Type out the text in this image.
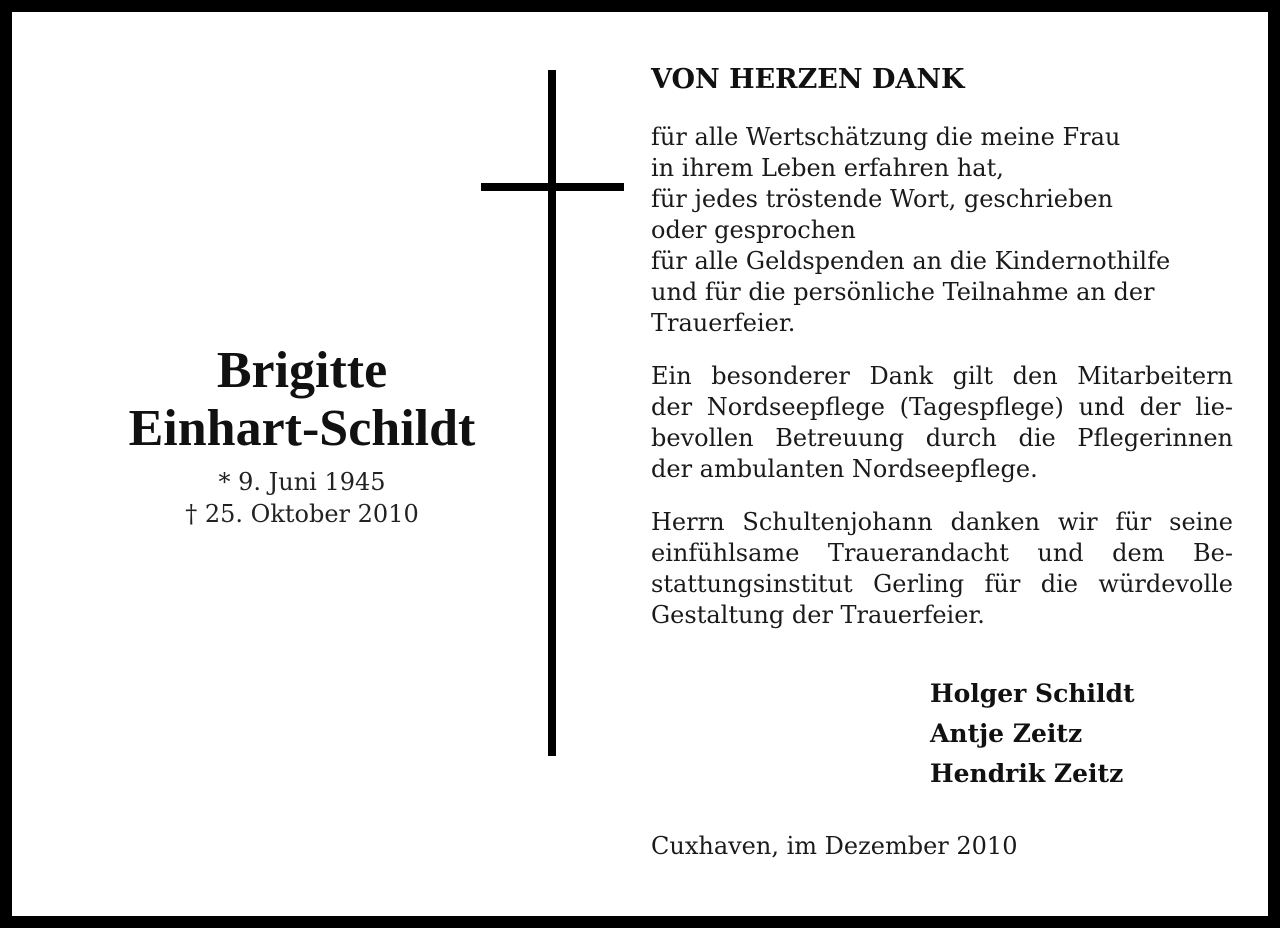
Brigitte
Einhart-Schildt
* 9. Juni 1945
† 25. Oktober 2010
VON HERZEN DANK
für alle Wertschätzung die meine Frau
in ihrem Leben erfahren hat,
für jedes tröstende Wort, geschrieben
oder gesprochen
für alle Geldspenden an die Kindernothilfe
und für die persönliche Teilnahme an der
Trauerfeier.
Ein besonderer Dank gilt den Mitarbeitern
der Nordseepflege (Tagespflege) und der lie-
bevollen Betreuung durch die Pflegerinnen
der ambulanten Nordseepflege.
Herrn Schultenjohann danken wir für seine
einfühlsame Trauerandacht und dem Be-
stattungsinstitut Gerling für die würdevolle
Gestaltung der Trauerfeier.
Holger Schildt
Antje Zeitz
Hendrik Zeitz
Cuxhaven, im Dezember 2010
